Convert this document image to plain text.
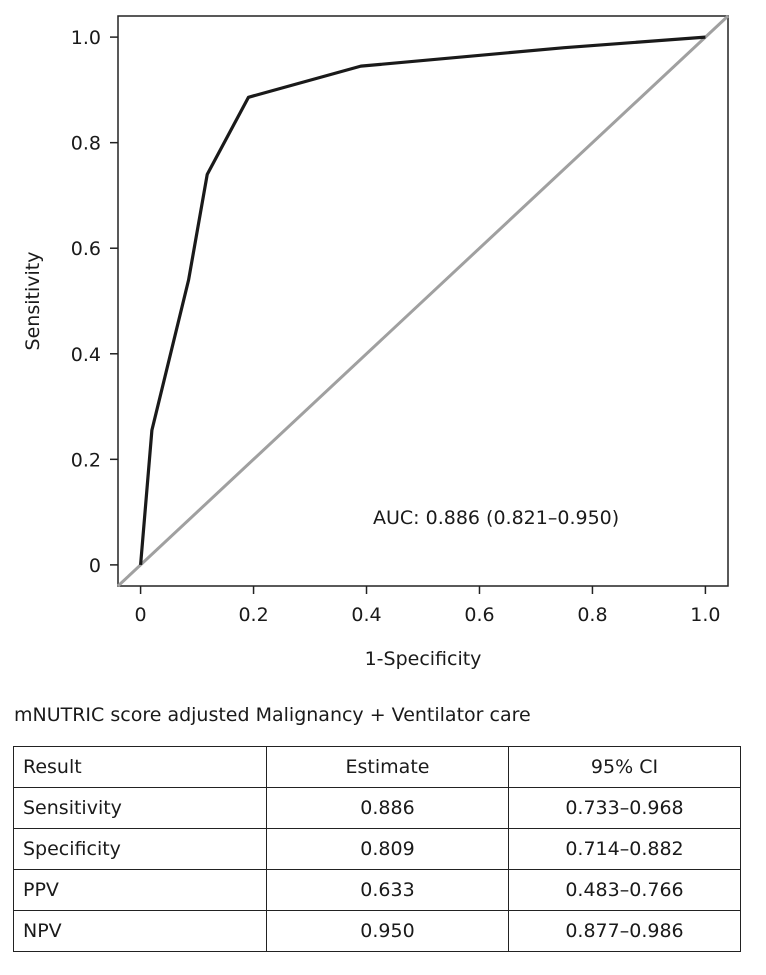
0	0.2	0.4	0.6	0.8	1.0
0
0.2
0.4
0.6
0.8
1.0
AUC: 0.886 (0.821–0.950)
1-Specificity
Sensitivity
mNUTRIC score adjusted Malignancy + Ventilator care
Result	Estimate	95% CI
Sensitivity	0.886	0.733–0.968
Specificity	0.809	0.714–0.882
PPV	0.633	0.483–0.766
NPV	0.950	0.877–0.986
